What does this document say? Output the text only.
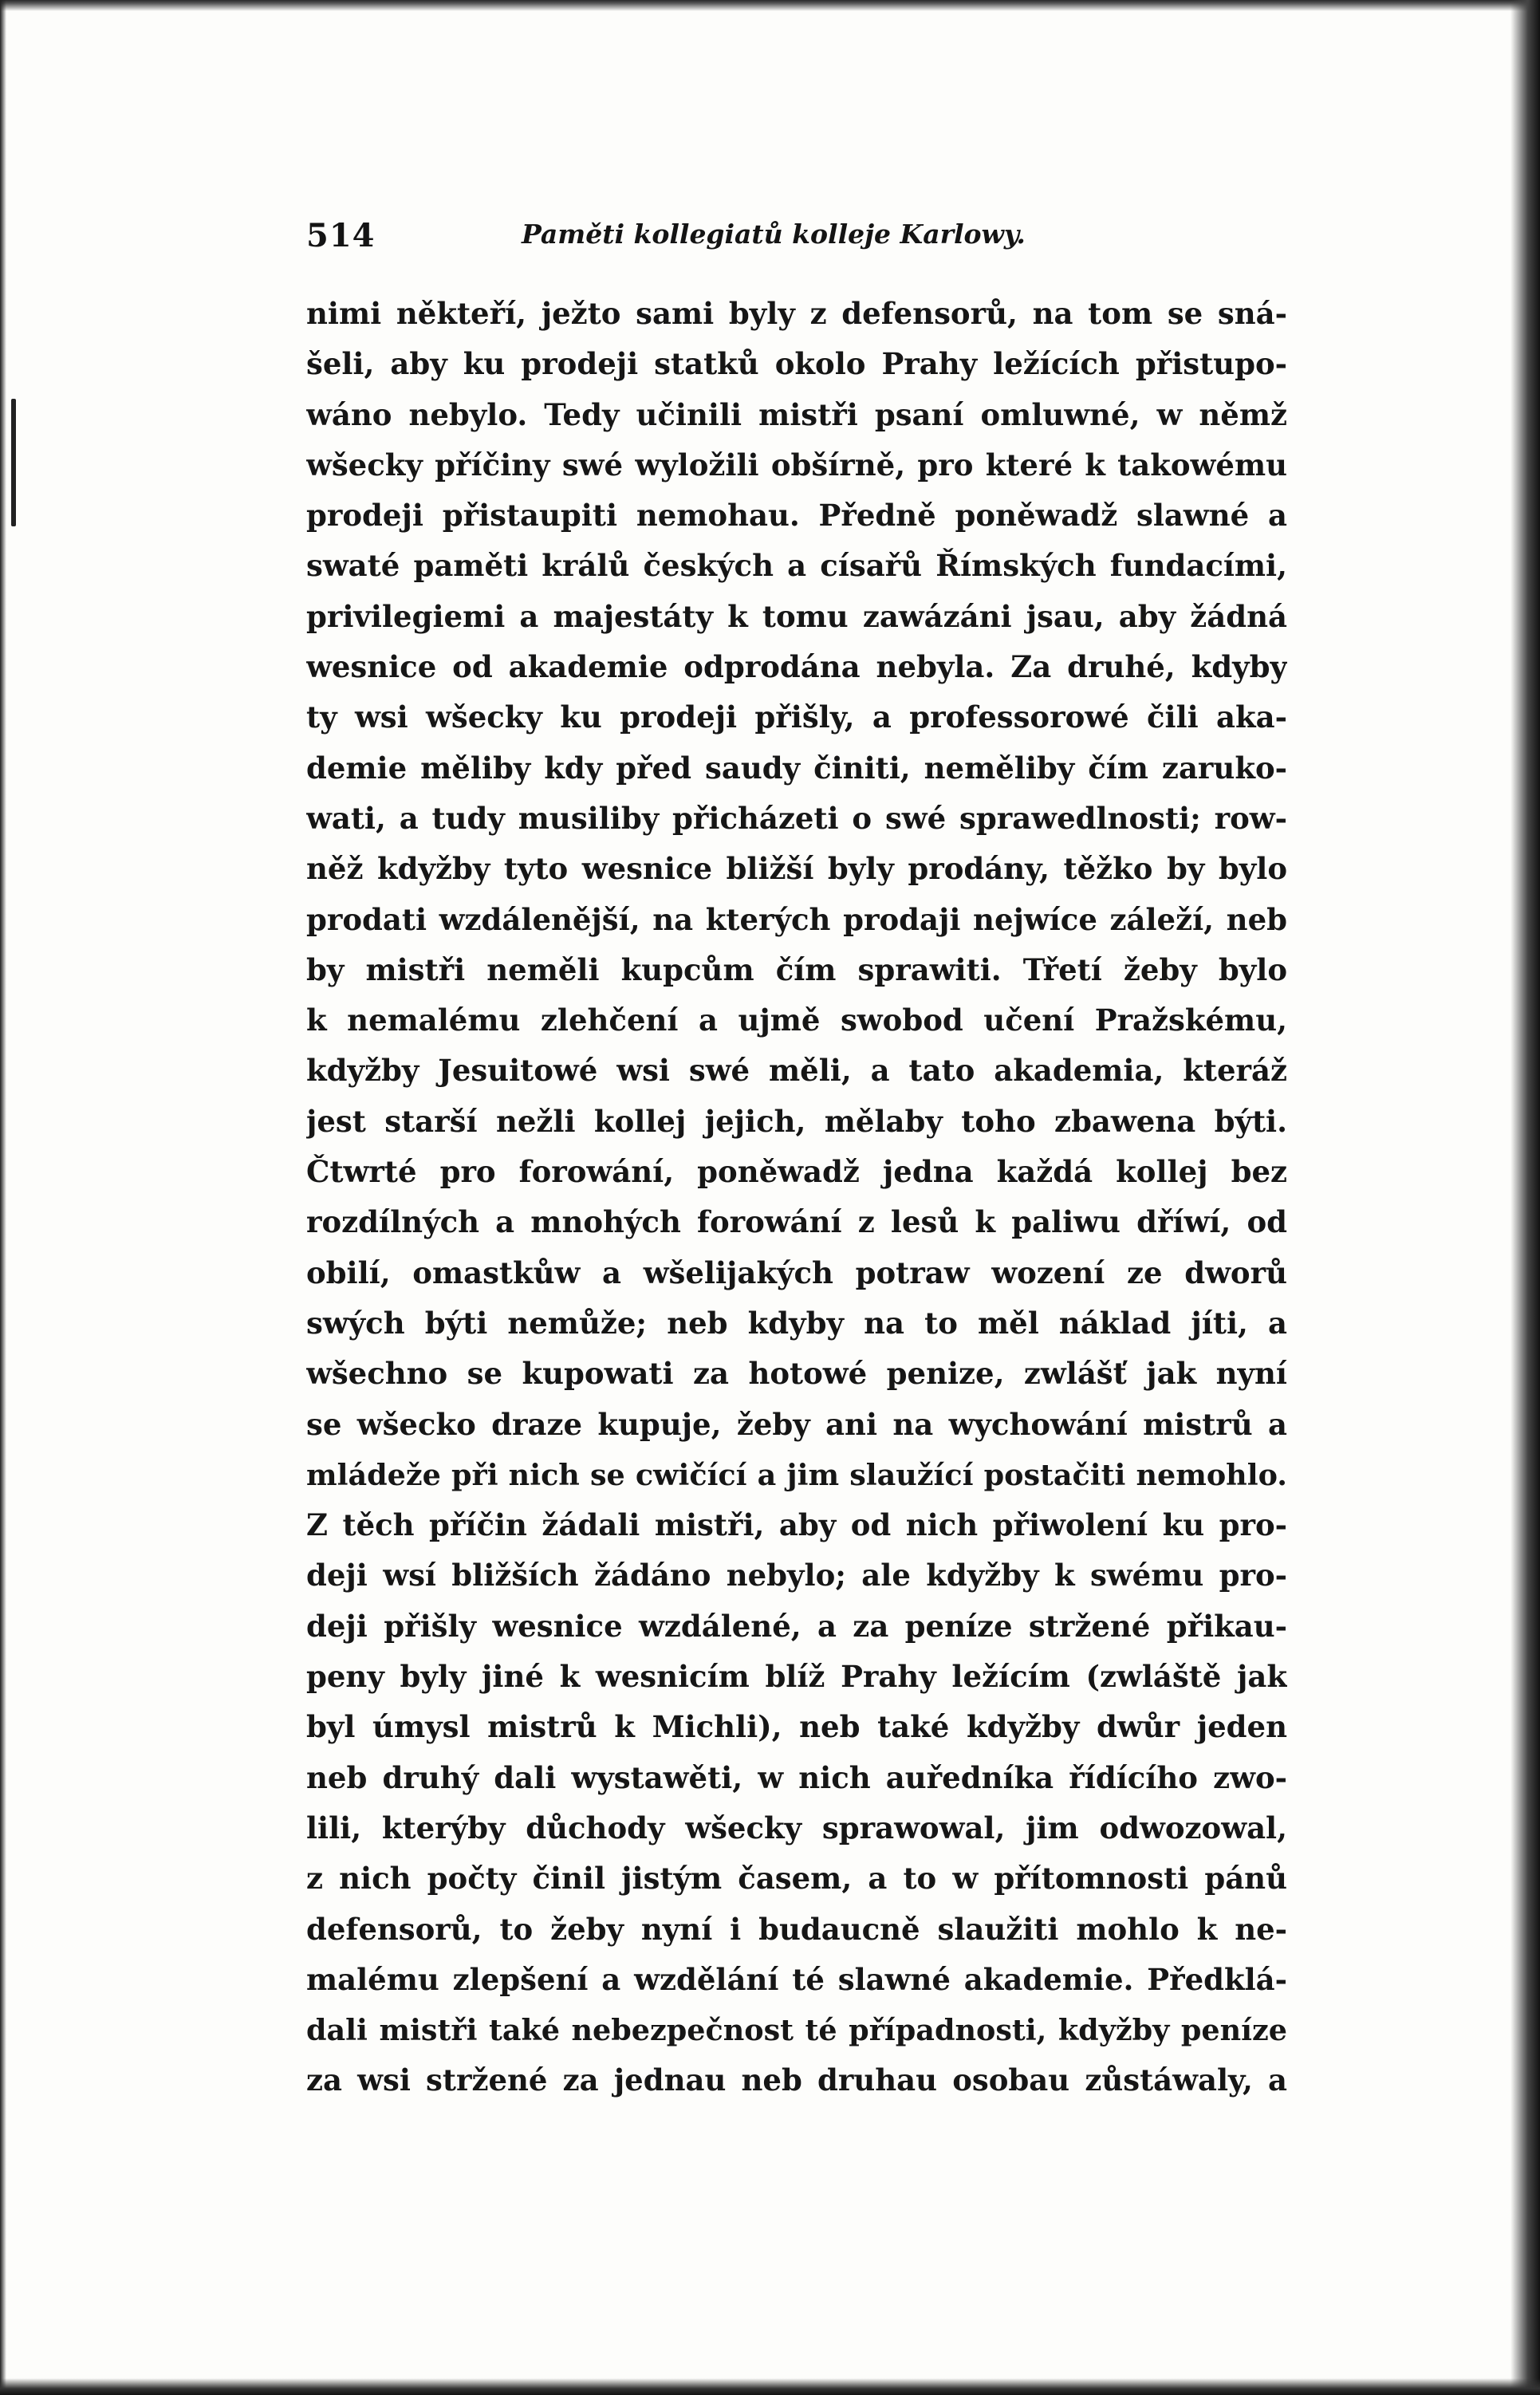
514	Paměti kollegiatů kolleje Karlowy.
nimi někteří, ježto sami byly z defensorů, na tom se sná-
šeli, aby ku prodeji statků okolo Prahy ležících přistupo-
wáno nebylo. Tedy učinili mistři psaní omluwné, w němž
wšecky příčiny swé wyložili obšírně, pro které k takowému
prodeji přistaupiti nemohau. Předně poněwadž slawné a
swaté paměti králů českých a císařů Římských fundacími,
privilegiemi a majestáty k tomu zawázáni jsau, aby žádná
wesnice od akademie odprodána nebyla. Za druhé, kdyby
ty wsi wšecky ku prodeji přišly, a professorowé čili aka-
demie měliby kdy před saudy činiti, neměliby čím zaruko-
wati, a tudy musiliby přicházeti o swé sprawedlnosti; row-
něž kdyžby tyto wesnice bližší byly prodány, těžko by bylo
prodati wzdálenější, na kterých prodaji nejwíce záleží, neb
by mistři neměli kupcům čím sprawiti. Třetí žeby bylo
k nemalému zlehčení a ujmě swobod učení Pražskému,
kdyžby Jesuitowé wsi swé měli, a tato akademia, kteráž
jest starší nežli kollej jejich, mělaby toho zbawena býti.
Čtwrté pro forowání, poněwadž jedna každá kollej bez
rozdílných a mnohých forowání z lesů k paliwu dříwí, od
obilí, omastkůw a wšelijakých potraw wození ze dworů
swých býti nemůže; neb kdyby na to měl náklad jíti, a
wšechno se kupowati za hotowé penize, zwlášť jak nyní
se wšecko draze kupuje, žeby ani na wychowání mistrů a
mládeže při nich se cwičící a jim slaužící postačiti nemohlo.
Z těch příčin žádali mistři, aby od nich přiwolení ku pro-
deji wsí bližších žádáno nebylo; ale kdyžby k swému pro-
deji přišly wesnice wzdálené, a za peníze stržené přikau-
peny byly jiné k wesnicím blíž Prahy ležícím (zwláště jak
byl úmysl mistrů k Michli), neb také kdyžby dwůr jeden
neb druhý dali wystawěti, w nich auředníka řídícího zwo-
lili, kterýby důchody wšecky sprawowal, jim odwozowal,
z nich počty činil jistým časem, a to w přítomnosti pánů
defensorů, to žeby nyní i budaucně slaužiti mohlo k ne-
malému zlepšení a wzdělání té slawné akademie. Předklá-
dali mistři také nebezpečnost té případnosti, kdyžby peníze
za wsi stržené za jednau neb druhau osobau zůstáwaly, a
